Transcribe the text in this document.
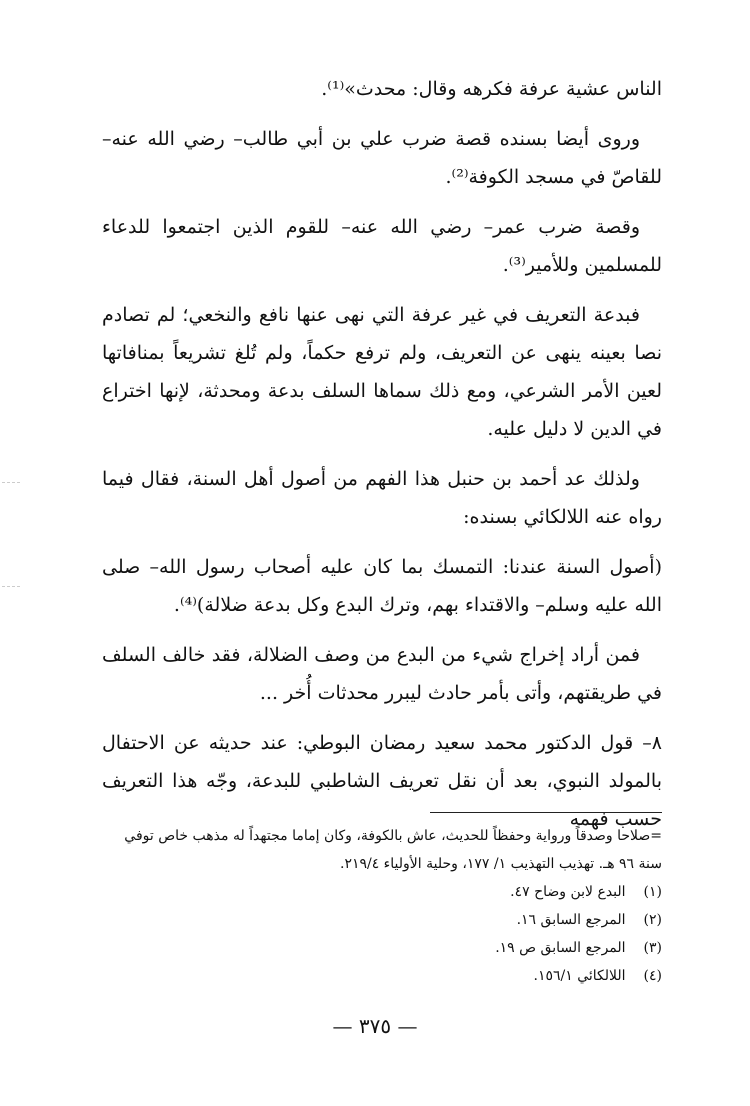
الناس عشية عرفة فكرهه وقال: محدث»⁽¹⁾.

وروى أيضا بسنده قصة ضرب علي بن أبي طالب– رضي الله عنه– للقاصّ في مسجد الكوفة⁽²⁾.

وقصة ضرب عمر– رضي الله عنه– للقوم الذين اجتمعوا للدعاء للمسلمين وللأمير⁽³⁾.

فبدعة التعريف في غير عرفة التي نهى عنها نافع والنخعي؛ لم تصادم نصا بعينه ينهى عن التعريف، ولم ترفع حكماً، ولم تُلغ تشريعاً بمنافاتها لعين الأمر الشرعي، ومع ذلك سماها السلف بدعة ومحدثة، لإنها اختراع في الدين لا دليل عليه.

ولذلك عد أحمد بن حنبل هذا الفهم من أصول أهل السنة، فقال فيما رواه عنه اللالكائي بسنده:

(أصول السنة عندنا: التمسك بما كان عليه أصحاب رسول الله– صلى الله عليه وسلم– والاقتداء بهم، وترك البدع وكل بدعة ضلالة)⁽⁴⁾.

فمن أراد إخراج شيء من البدع من وصف الضلالة، فقد خالف السلف في طريقتهم، وأتى بأمر حادث ليبرر محدثات أُخر ...

٨– قول الدكتور محمد سعيد رمضان البوطي: عند حديثه عن الاحتفال بالمولد النبوي، بعد أن نقل تعريف الشاطبي للبدعة، وجّه هذا التعريف حسب فهمه

=صلاحا وصدقاً ورواية وحفظاً للحديث، عاش بالكوفة، وكان إماما مجتهداً له مذهب خاص توفي سنة ٩٦ هـ. تهذيب التهذيب ١/ ١٧٧، وحلية الأولياء ٢١٩/٤.

(١) البدع لابن وضاح ٤٧.
(٢) المرجع السابق ١٦.
(٣) المرجع السابق ص ١٩.
(٤) اللالكائي ١٥٦/١.
— ٣٧٥ —
